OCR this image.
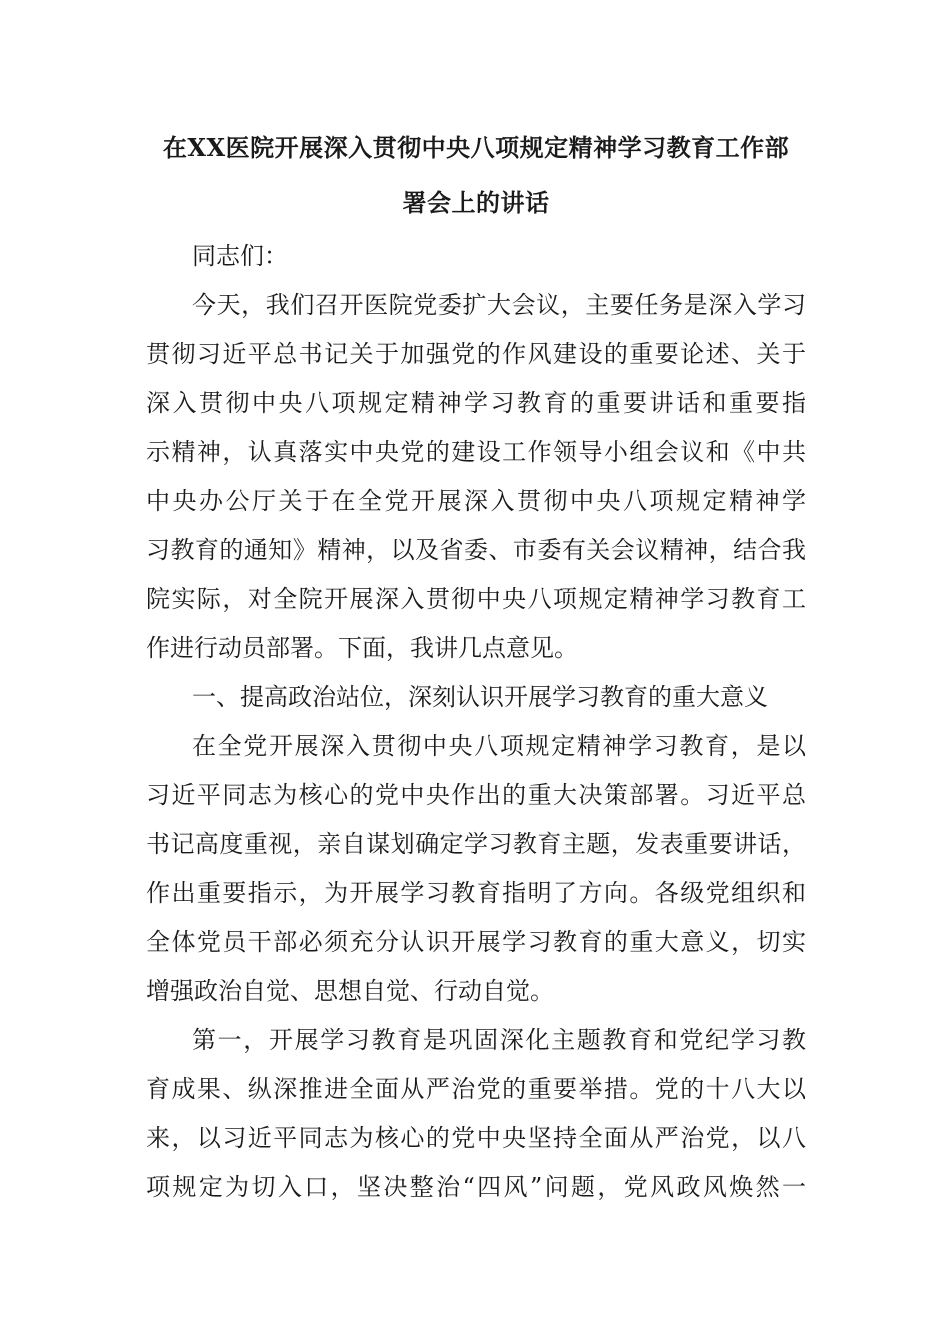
在XX医院开展深入贯彻中央八项规定精神学习教育工作部
署会上的讲话

同志们：

今天，我们召开医院党委扩大会议，主要任务是深入学习
贯彻习近平总书记关于加强党的作风建设的重要论述、关于
深入贯彻中央八项规定精神学习教育的重要讲话和重要指
示精神，认真落实中央党的建设工作领导小组会议和《中共
中央办公厅关于在全党开展深入贯彻中央八项规定精神学
习教育的通知》精神，以及省委、市委有关会议精神，结合我
院实际，对全院开展深入贯彻中央八项规定精神学习教育工
作进行动员部署。下面，我讲几点意见。

一、提高政治站位，深刻认识开展学习教育的重大意义

在全党开展深入贯彻中央八项规定精神学习教育，是以
习近平同志为核心的党中央作出的重大决策部署。习近平总
书记高度重视，亲自谋划确定学习教育主题，发表重要讲话，
作出重要指示，为开展学习教育指明了方向。各级党组织和
全体党员干部必须充分认识开展学习教育的重大意义，切实
增强政治自觉、思想自觉、行动自觉。

第一，开展学习教育是巩固深化主题教育和党纪学习教
育成果、纵深推进全面从严治党的重要举措。党的十八大以
来，以习近平同志为核心的党中央坚持全面从严治党，以八
项规定为切入口，坚决整治“四风”问题，党风政风焕然一
